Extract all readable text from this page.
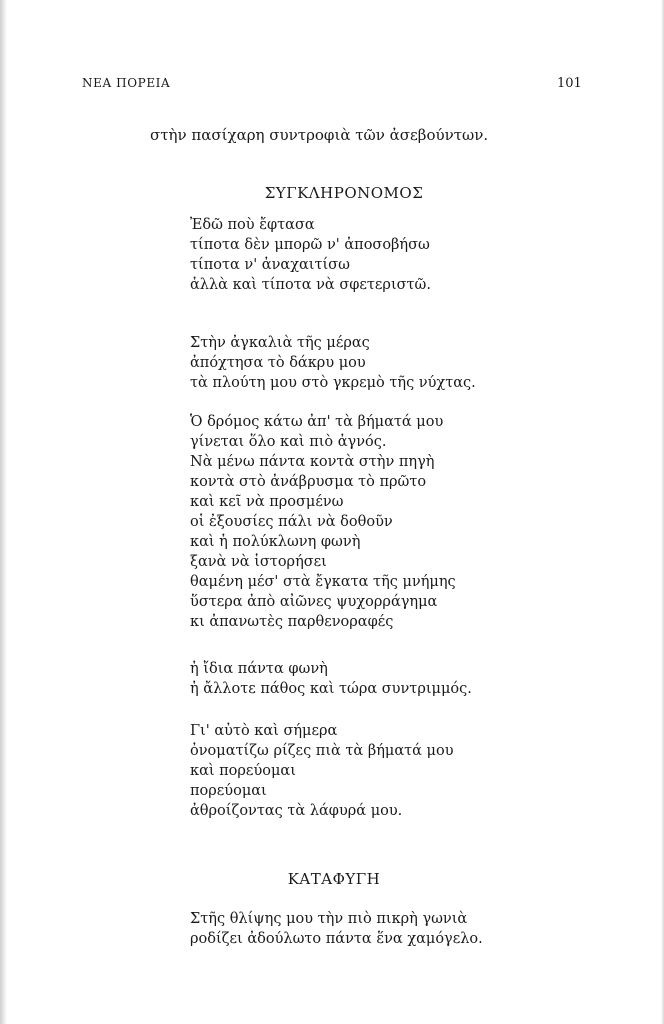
ΝΕΑ ΠΟΡΕΙΑ	101
στὴν πασίχαρη συντροφιὰ τῶν ἀσεβούντων.
ΣΥΓΚΛΗΡΟΝΟΜΟΣ
Ἐδῶ ποὺ ἔφτασα
τίποτα δὲν μπορῶ ν' ἀποσοβήσω
τίποτα ν' ἀναχαιτίσω
ἀλλὰ καὶ τίποτα νὰ σφετεριστῶ.
Στὴν ἀγκαλιὰ τῆς μέρας
ἀπόχτησα τὸ δάκρυ μου
τὰ πλούτη μου στὸ γκρεμὸ τῆς νύχτας.
Ὁ δρόμος κάτω ἀπ' τὰ βήματά μου
γίνεται ὅλο καὶ πιὸ ἀγνός.
Νὰ μένω πάντα κοντὰ στὴν πηγὴ
κοντὰ στὸ ἀνάβρυσμα τὸ πρῶτο
καὶ κεῖ νὰ προσμένω
οἱ ἐξουσίες πάλι νὰ δοθοῦν
καὶ ἡ πολύκλωνη φωνὴ
ξανὰ νὰ ἱστορήσει
θαμένη μέσ' στὰ ἔγκατα τῆς μνήμης
ὕστερα ἀπὸ αἰῶνες ψυχορράγημα
κι ἀπανωτὲς παρθενοραφές
ἡ ἴδια πάντα φωνὴ
ἡ ἄλλοτε πάθος καὶ τώρα συντριμμός.
Γι' αὐτὸ καὶ σήμερα
ὀνοματίζω ρίζες πιὰ τὰ βήματά μου
καὶ πορεύομαι
πορεύομαι
ἀθροίζοντας τὰ λάφυρά μου.
ΚΑΤΑΦΥΓΗ
Στῆς θλίψης μου τὴν πιὸ πικρὴ γωνιὰ
ροδίζει ἀδούλωτο πάντα ἕνα χαμόγελο.
